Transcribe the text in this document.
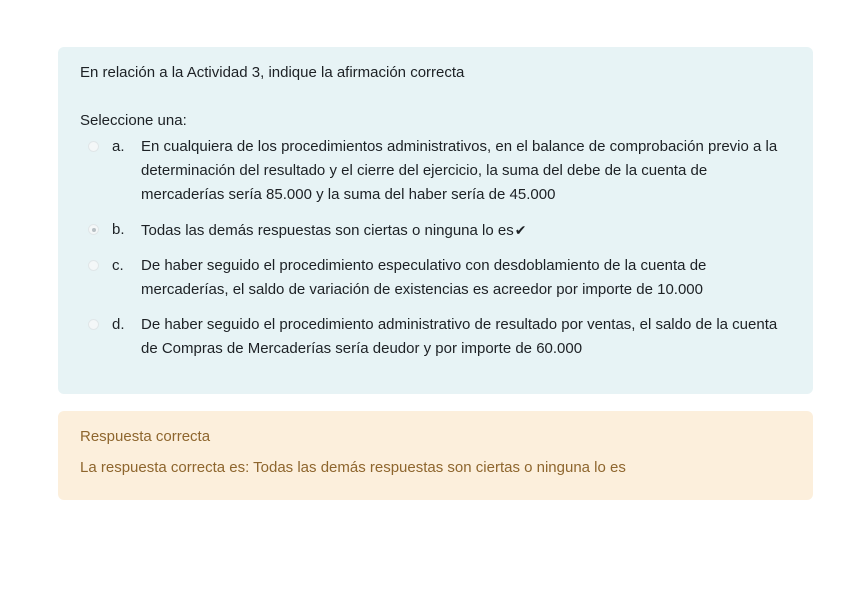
En relación a la Actividad 3, indique la afirmación correcta

Seleccione una:

a. En cualquiera de los procedimientos administrativos, en el balance de comprobación previo a la determinación del resultado y el cierre del ejercicio, la suma del debe de la cuenta de mercaderías sería 85.000 y la suma del haber sería de 45.000
b. Todas las demás respuestas son ciertas o ninguna lo es✔
c. De haber seguido el procedimiento especulativo con desdoblamiento de la cuenta de mercaderías, el saldo de variación de existencias es acreedor por importe de 10.000
d. De haber seguido el procedimiento administrativo de resultado por ventas, el saldo de la cuenta de Compras de Mercaderías sería deudor y por importe de 60.000

Respuesta correcta

La respuesta correcta es: Todas las demás respuestas son ciertas o ninguna lo es
